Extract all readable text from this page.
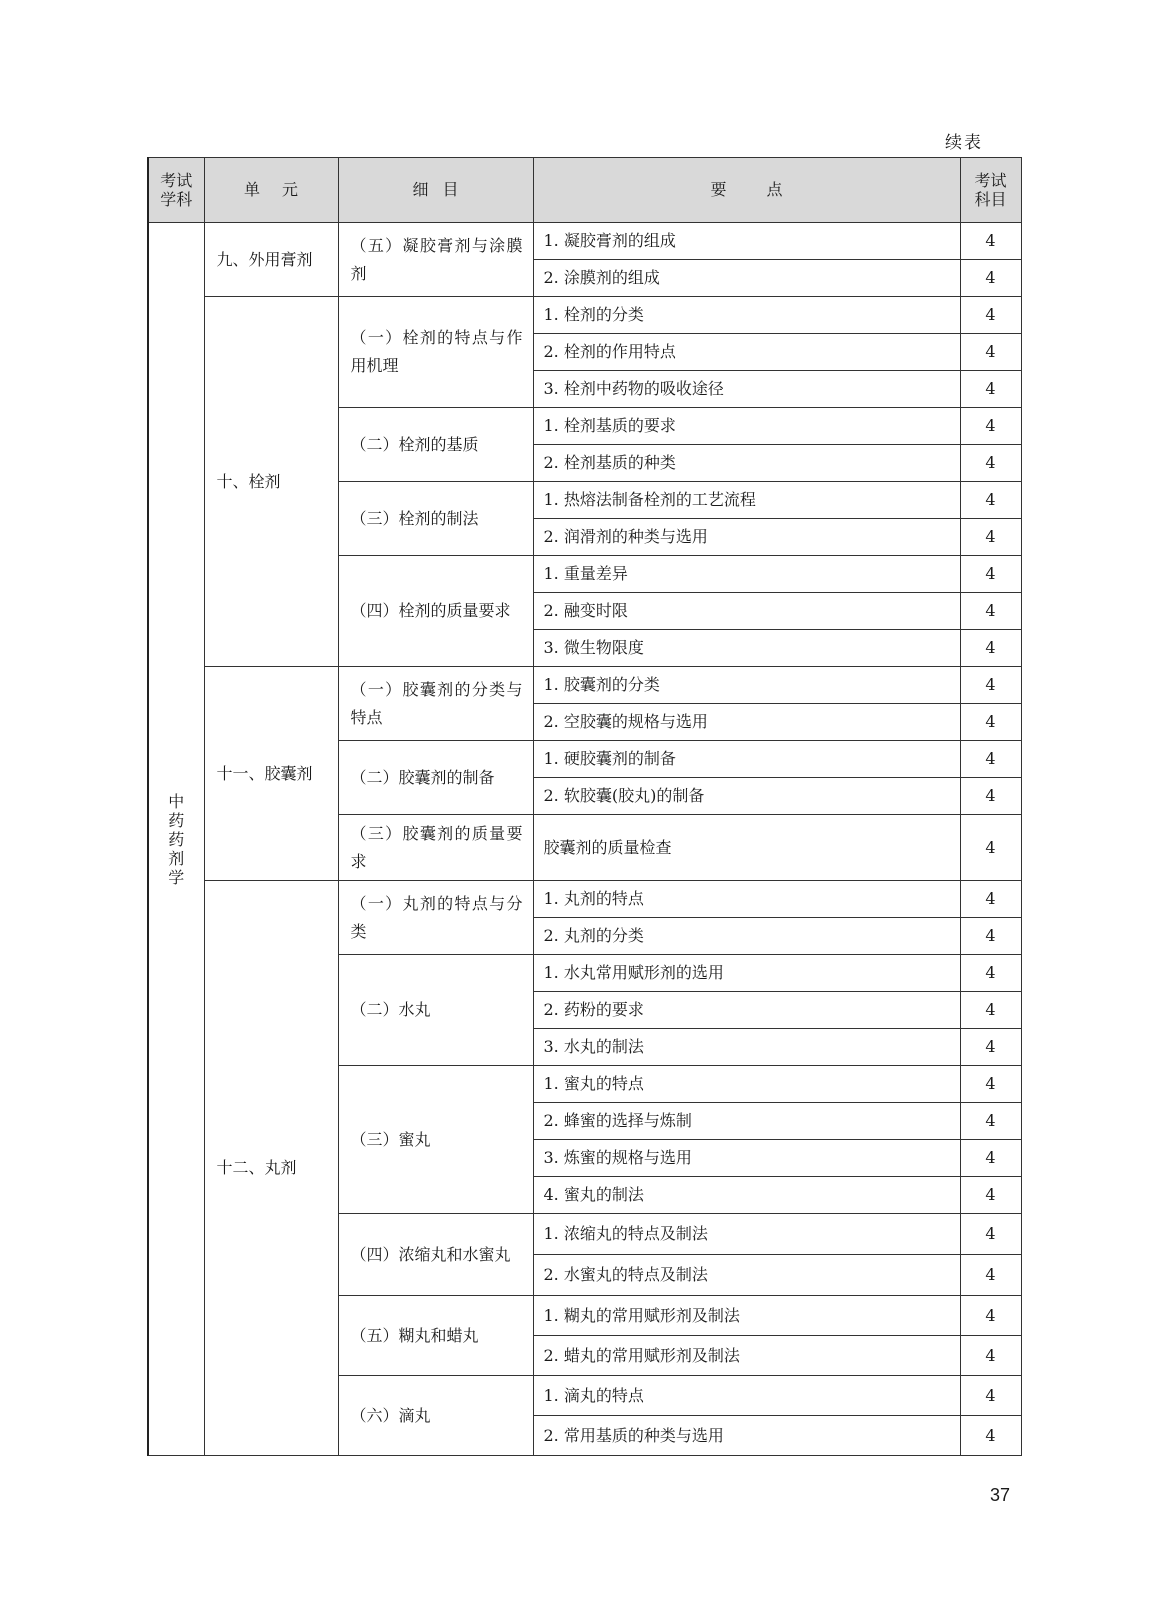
续表
考试学科	单元	细目	要点	考试科目
中药药剂学	九、外用膏剂	（五）凝胶膏剂与涂膜剂	1. 凝胶膏剂的组成	4
			2. 涂膜剂的组成	4
	十、栓剂	（一）栓剂的特点与作用机理	1. 栓剂的分类	4
			2. 栓剂的作用特点	4
			3. 栓剂中药物的吸收途径	4
		（二）栓剂的基质	1. 栓剂基质的要求	4
			2. 栓剂基质的种类	4
		（三）栓剂的制法	1. 热熔法制备栓剂的工艺流程	4
			2. 润滑剂的种类与选用	4
		（四）栓剂的质量要求	1. 重量差异	4
			2. 融变时限	4
			3. 微生物限度	4
	十一、胶囊剂	（一）胶囊剂的分类与特点	1. 胶囊剂的分类	4
			2. 空胶囊的规格与选用	4
		（二）胶囊剂的制备	1. 硬胶囊剂的制备	4
			2. 软胶囊(胶丸)的制备	4
		（三）胶囊剂的质量要求	胶囊剂的质量检查	4
	十二、丸剂	（一）丸剂的特点与分类	1. 丸剂的特点	4
			2. 丸剂的分类	4
		（二）水丸	1. 水丸常用赋形剂的选用	4
			2. 药粉的要求	4
			3. 水丸的制法	4
		（三）蜜丸	1. 蜜丸的特点	4
			2. 蜂蜜的选择与炼制	4
			3. 炼蜜的规格与选用	4
			4. 蜜丸的制法	4
		（四）浓缩丸和水蜜丸	1. 浓缩丸的特点及制法	4
			2. 水蜜丸的特点及制法	4
		（五）糊丸和蜡丸	1. 糊丸的常用赋形剂及制法	4
			2. 蜡丸的常用赋形剂及制法	4
		（六）滴丸	1. 滴丸的特点	4
			2. 常用基质的种类与选用	4
37
